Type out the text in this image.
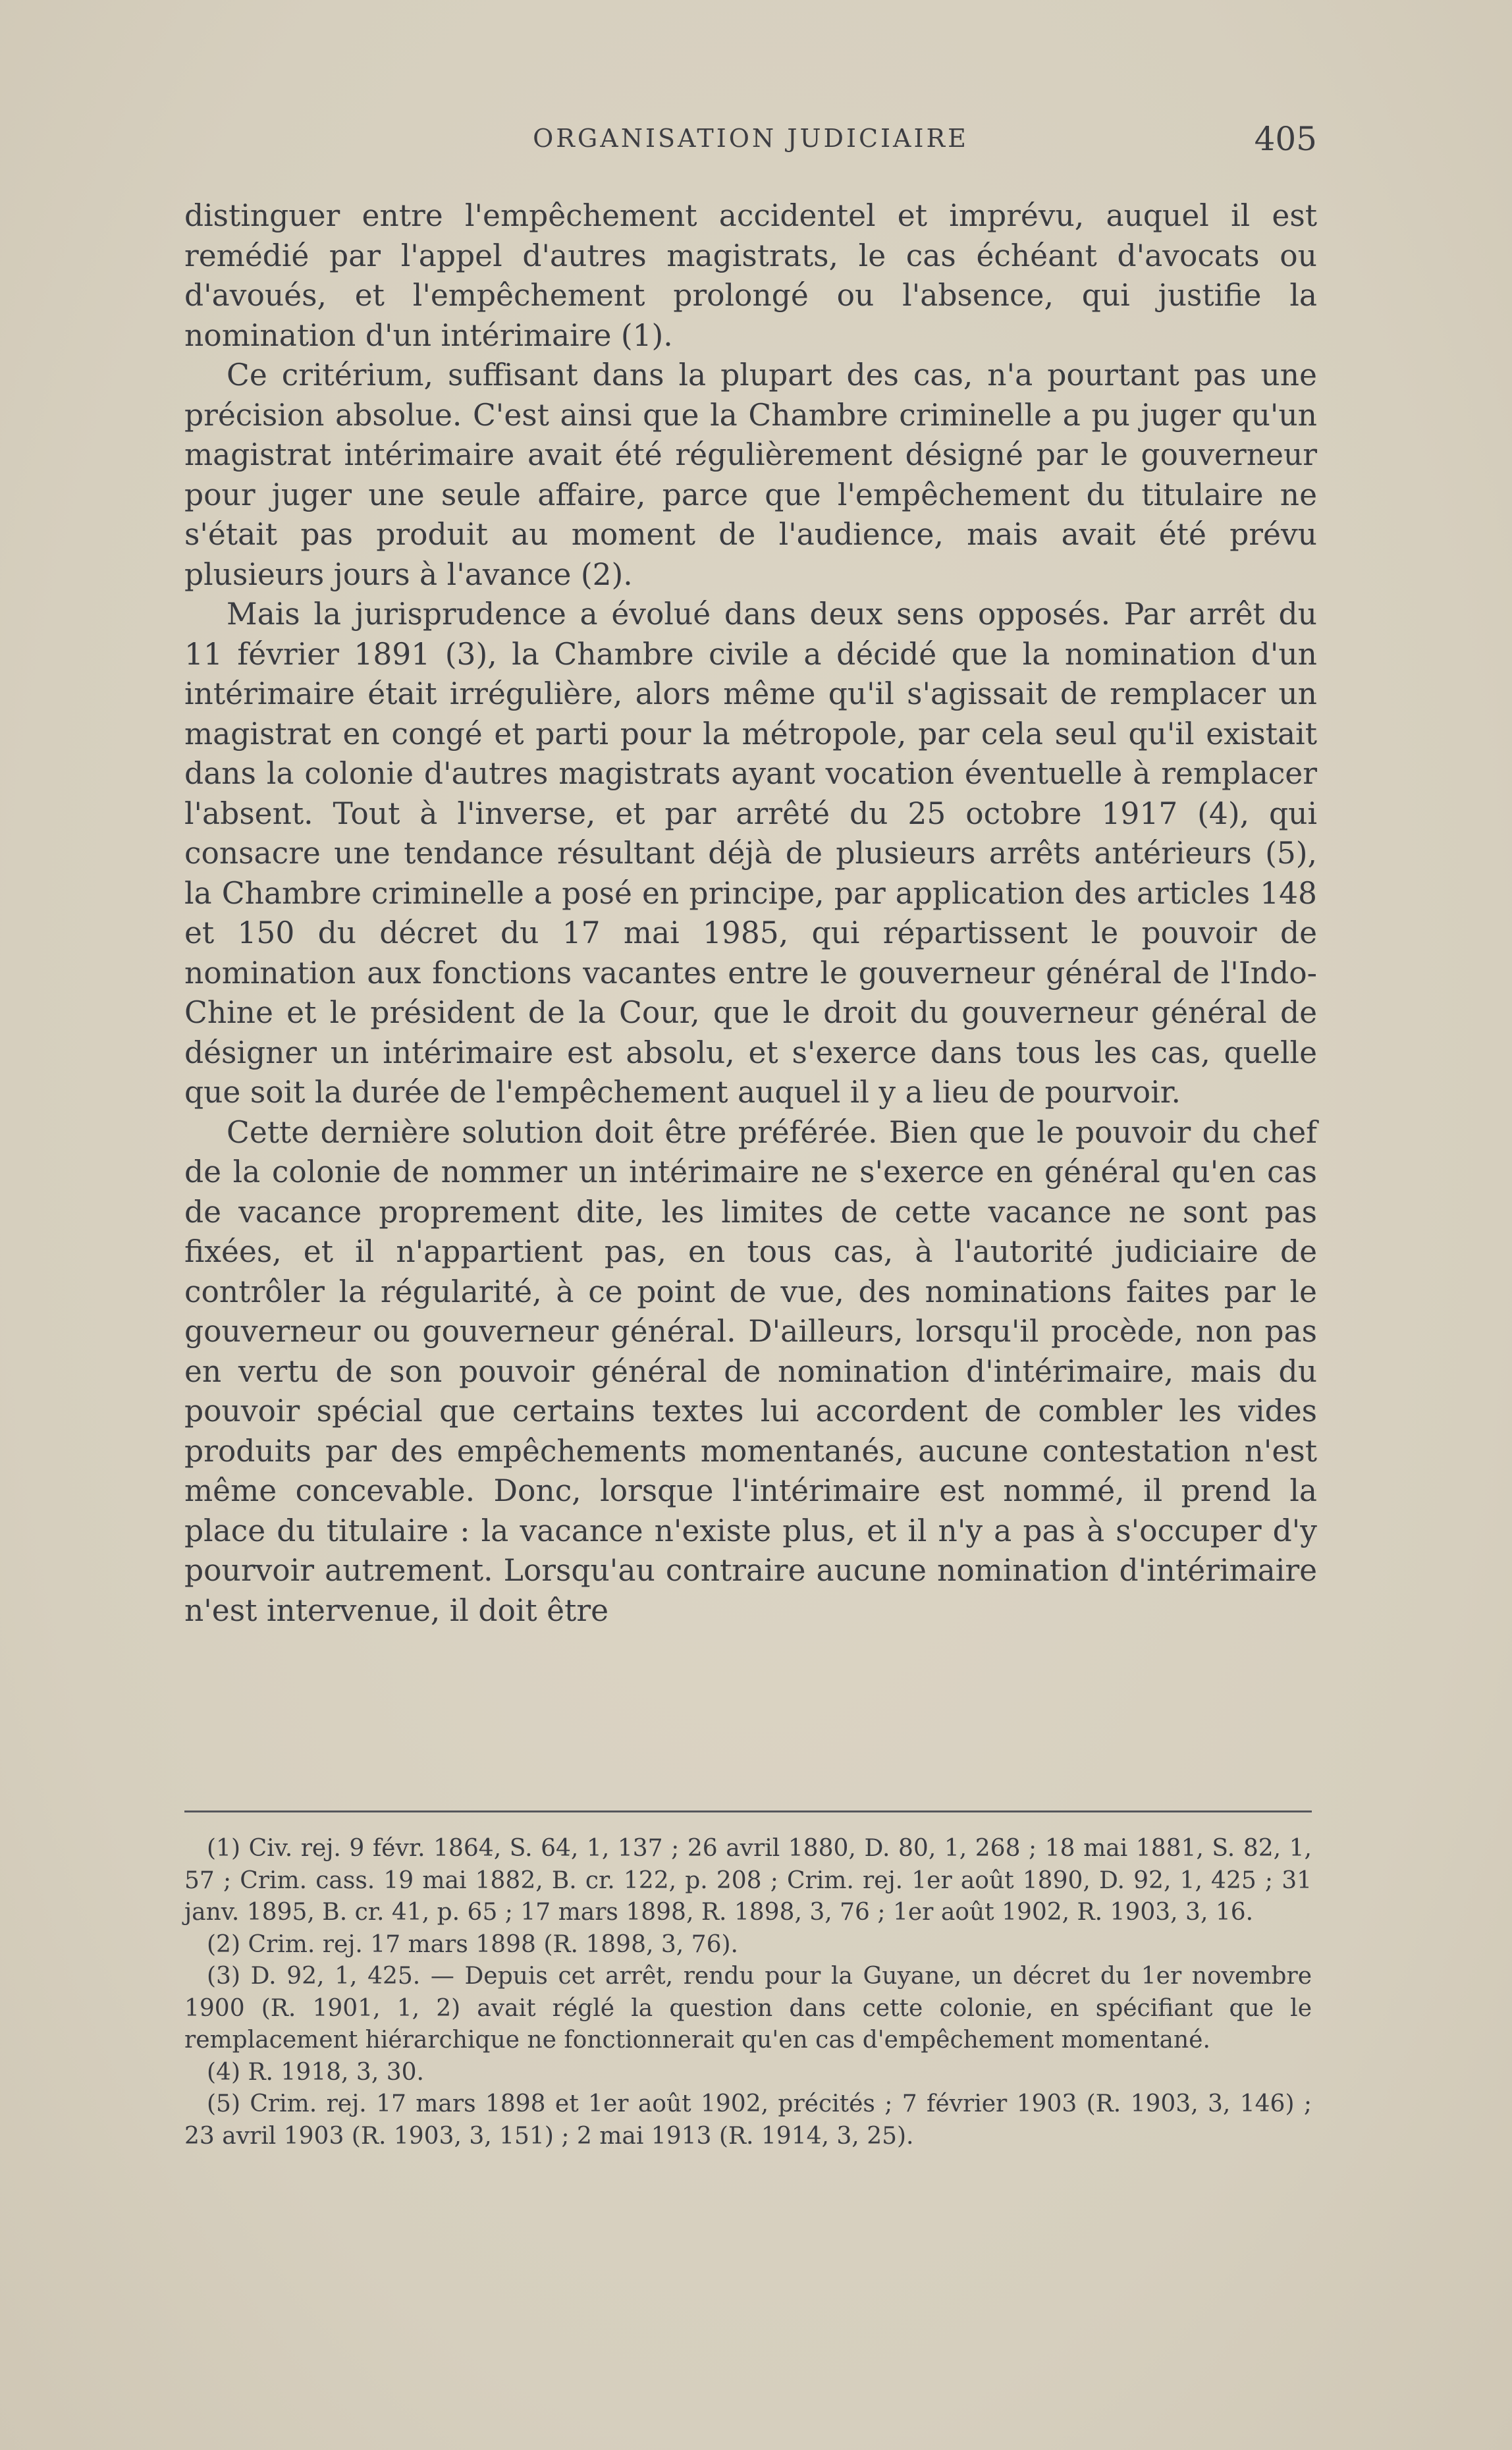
ORGANISATION JUDICIAIRE	405

distinguer entre l'empêchement accidentel et imprévu, auquel il est remédié par l'appel d'autres magistrats, le cas échéant d'avocats ou d'avoués, et l'empêchement prolongé ou l'absence, qui justifie la nomination d'un intérimaire (1).

Ce critérium, suffisant dans la plupart des cas, n'a pourtant pas une précision absolue. C'est ainsi que la Chambre criminelle a pu juger qu'un magistrat intérimaire avait été régulièrement désigné par le gouverneur pour juger une seule affaire, parce que l'empêchement du titulaire ne s'était pas produit au moment de l'audience, mais avait été prévu plusieurs jours à l'avance (2).

Mais la jurisprudence a évolué dans deux sens opposés. Par arrêt du 11 février 1891 (3), la Chambre civile a décidé que la nomination d'un intérimaire était irrégulière, alors même qu'il s'agissait de remplacer un magistrat en congé et parti pour la métropole, par cela seul qu'il existait dans la colonie d'autres magistrats ayant vocation éventuelle à remplacer l'absent. Tout à l'inverse, et par arrêté du 25 octobre 1917 (4), qui consacre une tendance résultant déjà de plusieurs arrêts antérieurs (5), la Chambre criminelle a posé en principe, par application des articles 148 et 150 du décret du 17 mai 1985, qui répartissent le pouvoir de nomination aux fonctions vacantes entre le gouverneur général de l'Indo-Chine et le président de la Cour, que le droit du gouverneur général de désigner un intérimaire est absolu, et s'exerce dans tous les cas, quelle que soit la durée de l'empêchement auquel il y a lieu de pourvoir.

Cette dernière solution doit être préférée. Bien que le pouvoir du chef de la colonie de nommer un intérimaire ne s'exerce en général qu'en cas de vacance proprement dite, les limites de cette vacance ne sont pas fixées, et il n'appartient pas, en tous cas, à l'autorité judiciaire de contrôler la régularité, à ce point de vue, des nominations faites par le gouverneur ou gouverneur général. D'ailleurs, lorsqu'il procède, non pas en vertu de son pouvoir général de nomination d'intérimaire, mais du pouvoir spécial que certains textes lui accordent de combler les vides produits par des empêchements momentanés, aucune contestation n'est même concevable. Donc, lorsque l'intérimaire est nommé, il prend la place du titulaire : la vacance n'existe plus, et il n'y a pas à s'occuper d'y pourvoir autrement. Lorsqu'au contraire aucune nomination d'intérimaire n'est intervenue, il doit être

(1) Civ. rej. 9 févr. 1864, S. 64, 1, 137 ; 26 avril 1880, D. 80, 1, 268 ; 18 mai 1881, S. 82, 1, 57 ; Crim. cass. 19 mai 1882, B. cr. 122, p. 208 ; Crim. rej. 1er août 1890, D. 92, 1, 425 ; 31 janv. 1895, B. cr. 41, p. 65 ; 17 mars 1898, R. 1898, 3, 76 ; 1er août 1902, R. 1903, 3, 16.

(2) Crim. rej. 17 mars 1898 (R. 1898, 3, 76).

(3) D. 92, 1, 425. — Depuis cet arrêt, rendu pour la Guyane, un décret du 1er novembre 1900 (R. 1901, 1, 2) avait réglé la question dans cette colonie, en spécifiant que le remplacement hiérarchique ne fonctionnerait qu'en cas d'empêchement momentané.

(4) R. 1918, 3, 30.

(5) Crim. rej. 17 mars 1898 et 1er août 1902, précités ; 7 février 1903 (R. 1903, 3, 146) ; 23 avril 1903 (R. 1903, 3, 151) ; 2 mai 1913 (R. 1914, 3, 25).
